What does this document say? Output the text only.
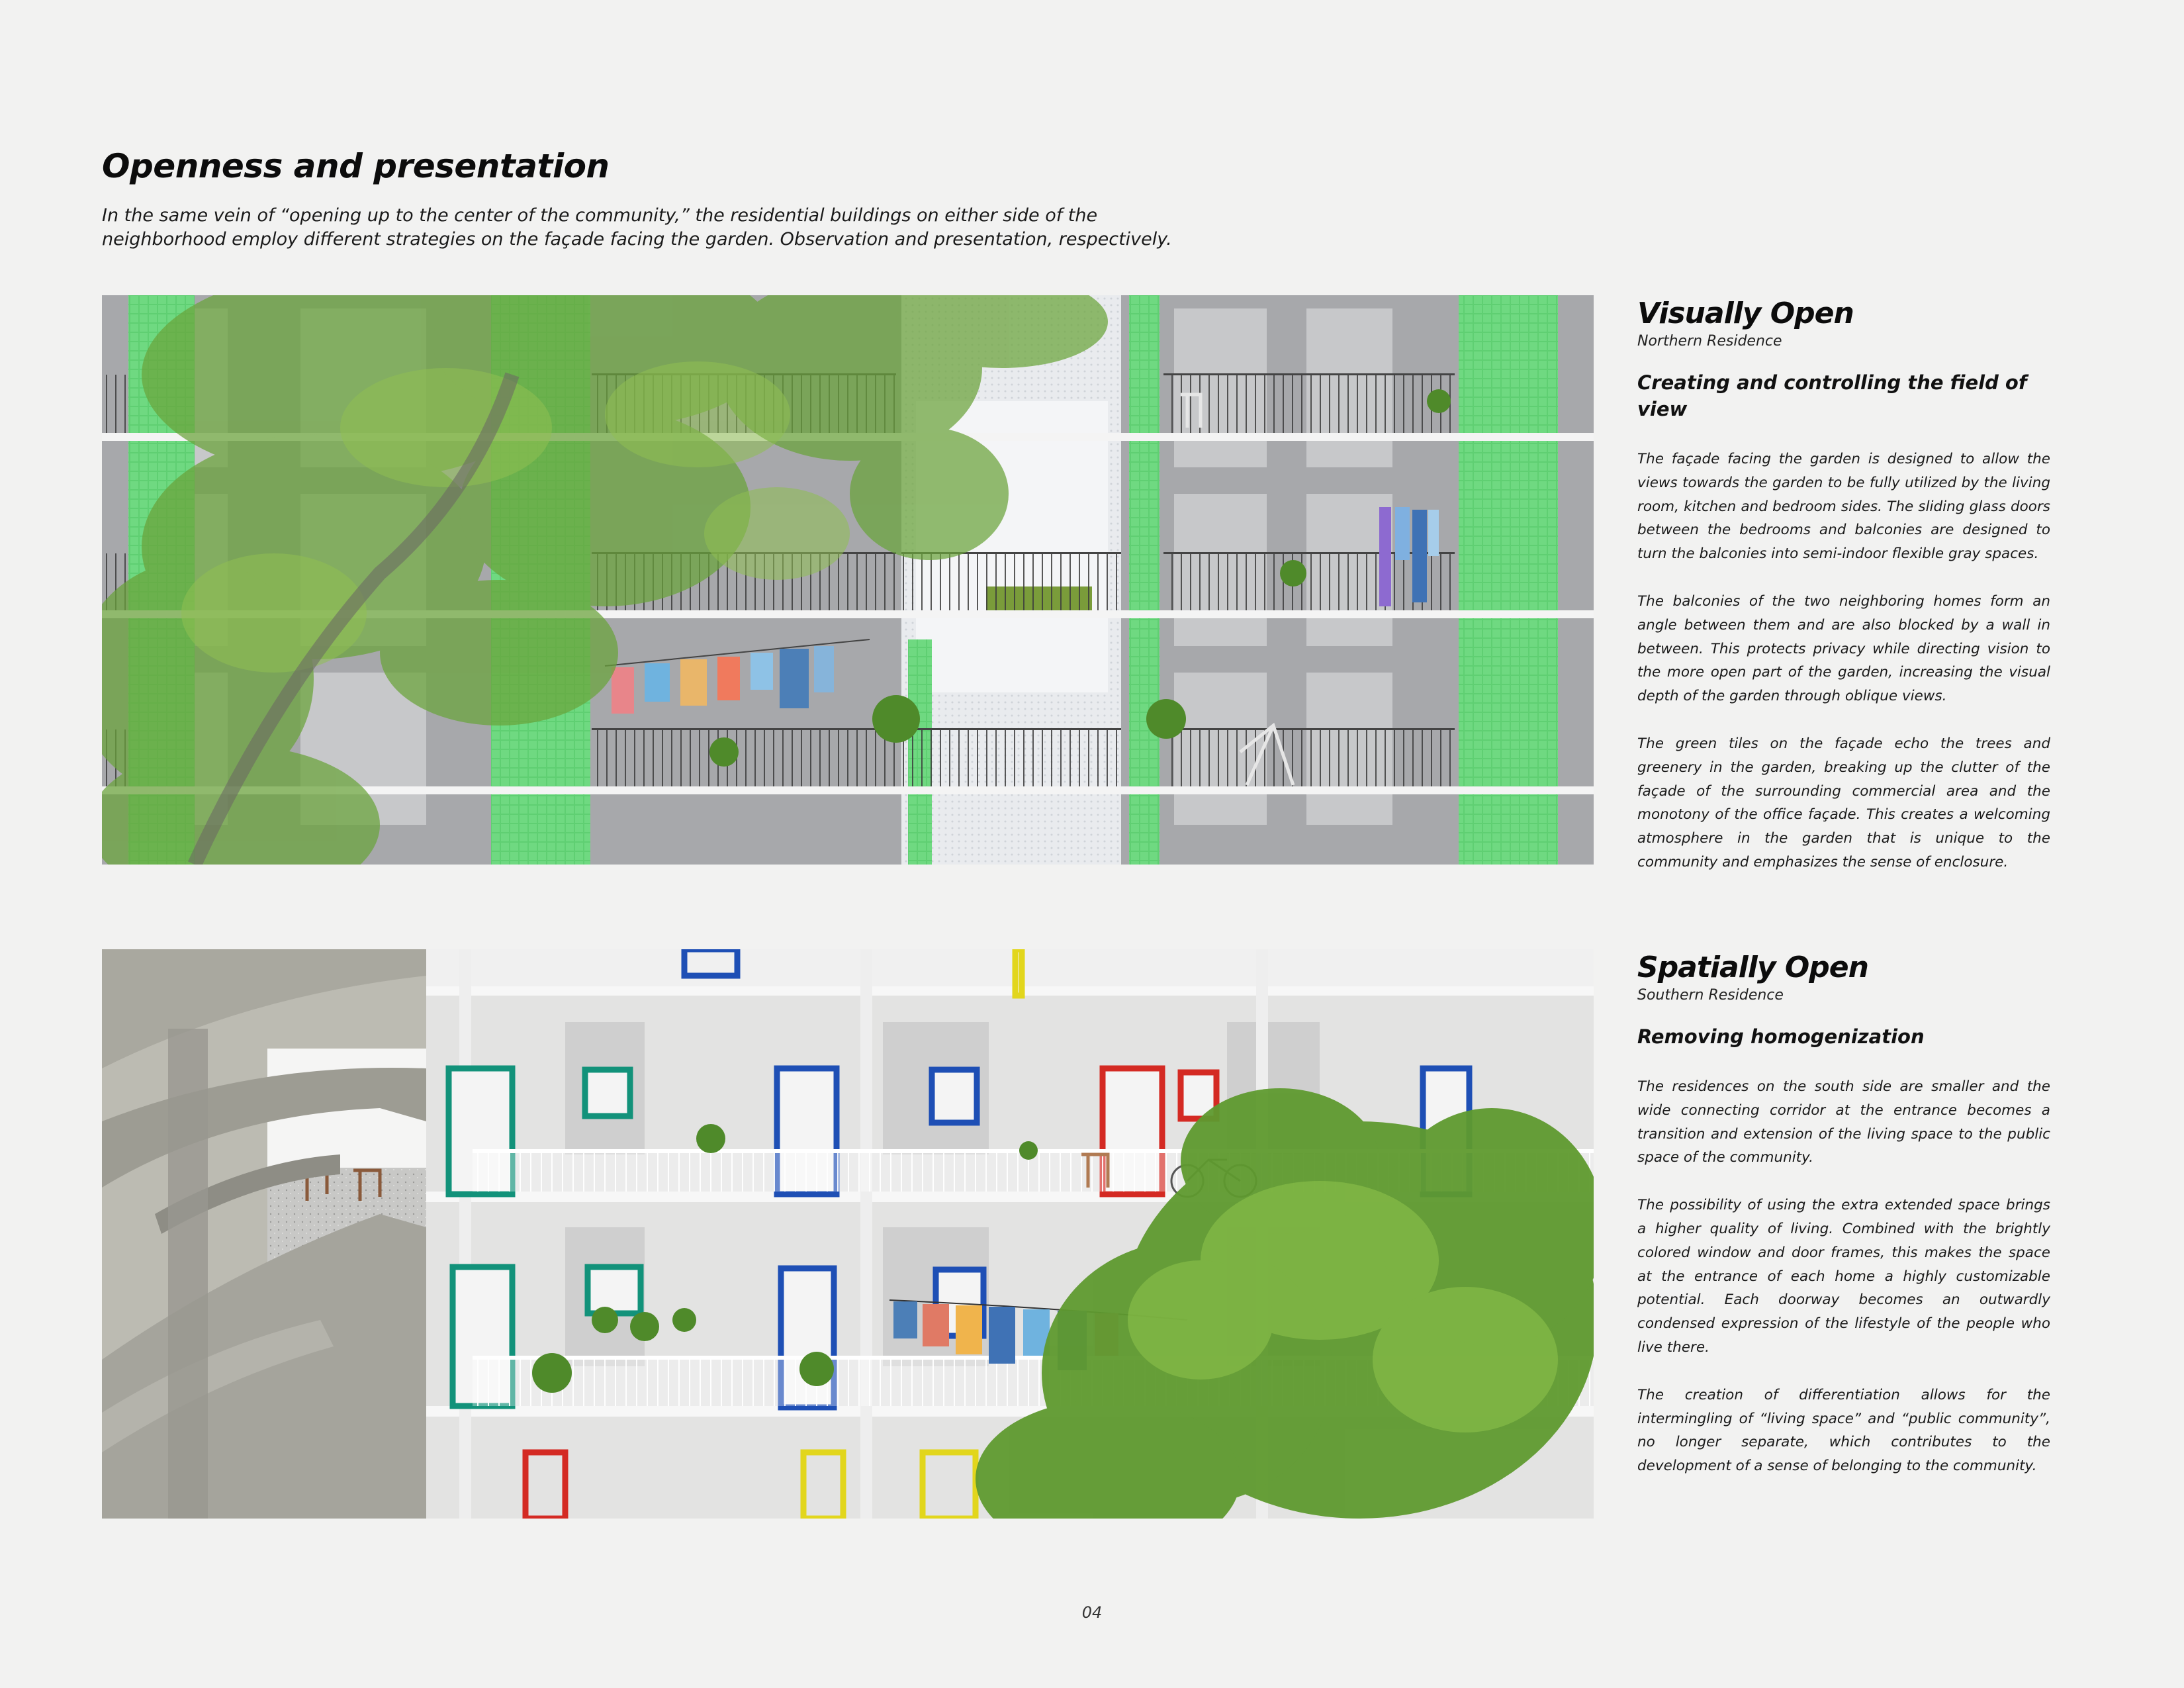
Openness and presentation
In the same vein of “opening up to the center of the community,” the residential buildings on either side of the
neighborhood employ different strategies on the façade facing the garden. Observation and presentation, respectively.
Visually Open
Northern Residence
Creating and controlling the field of view

The façade facing the garden is designed to allow the views towards the garden to be fully utilized by the living room, kitchen and bedroom sides. The sliding glass doors between the bedrooms and balconies are designed to turn the balconies into semi-indoor flexible gray spaces.

The balconies of the two neighboring homes form an angle between them and are also blocked by a wall in between. This protects privacy while directing vision to the more open part of the garden, increasing the visual depth of the garden through oblique views.

The green tiles on the façade echo the trees and greenery in the garden, breaking up the clutter of the façade of the surrounding commercial area and the monotony of the office façade. This creates a welcoming atmosphere in the garden that is unique to the community and emphasizes the sense of enclosure.

Spatially Open
Southern Residence
Removing homogenization

The residences on the south side are smaller and the wide connecting corridor at the entrance becomes a transition and extension of the living space to the public space of the community.

The possibility of using the extra extended space brings a higher quality of living. Combined with the brightly colored window and door frames, this makes the space at the entrance of each home a highly customizable potential. Each doorway becomes an outwardly condensed expression of the lifestyle of the people who live there.

The creation of differentiation allows for the intermingling of “living space” and “public community”, no longer separate, which contributes to the development of a sense of belonging to the community.

04
